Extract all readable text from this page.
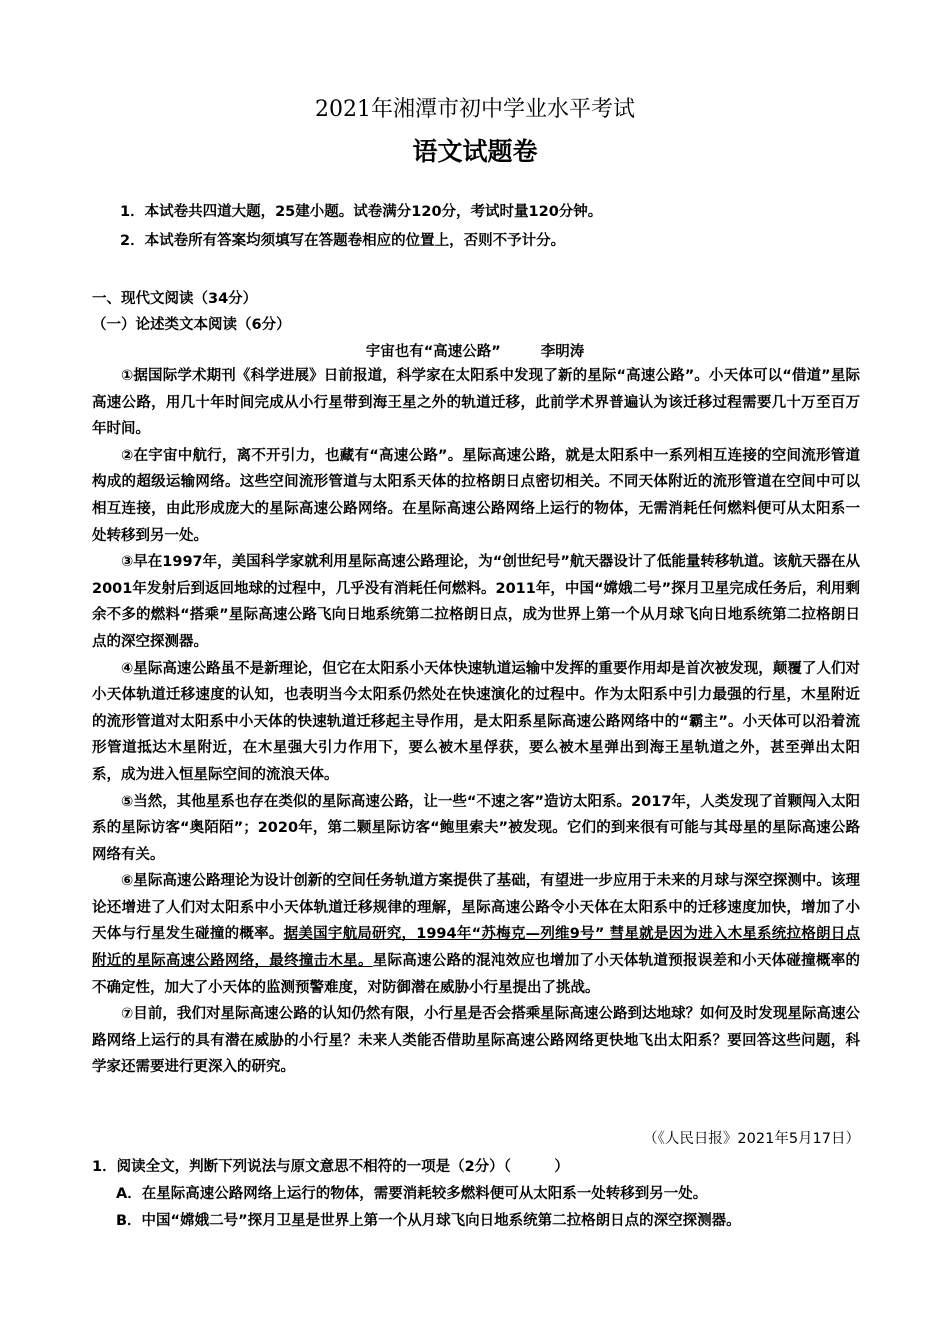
2021年湘潭市初中学业水平考试
语文试题卷
1．本试卷共四道大题，25建小题。试卷满分120分，考试时量120分钟。
2．本试卷所有答案均须填写在答题卷相应的位置上，否则不予计分。
一、现代文阅读（34分）
（一）论述类文本阅读（6分）
宇宙也有“高速公路”	李明涛

①据国际学术期刊《科学进展》日前报道，科学家在太阳系中发现了新的星际“高速公路”。小天体可以“借道”星际高速公路，用几十年时间完成从小行星带到海王星之外的轨道迁移，此前学术界普遍认为该迁移过程需要几十万至百万年时间。

②在宇宙中航行，离不开引力，也藏有“高速公路”。星际高速公路，就是太阳系中一系列相互连接的空间流形管道构成的超级运输网络。这些空间流形管道与太阳系天体的拉格朗日点密切相关。不同天体附近的流形管道在空间中可以相互连接，由此形成庞大的星际高速公路网络。在星际高速公路网络上运行的物体，无需消耗任何燃料便可从太阳系一处转移到另一处。

③早在1997年，美国科学家就利用星际高速公路理论，为“创世纪号”航天器设计了低能量转移轨道。该航天器在从2001年发射后到返回地球的过程中，几乎没有消耗任何燃料。2011年，中国“嫦娥二号”探月卫星完成任务后，利用剩余不多的燃料“搭乘”星际高速公路飞向日地系统第二拉格朗日点，成为世界上第一个从月球飞向日地系统第二拉格朗日点的深空探测器。

④星际高速公路虽不是新理论，但它在太阳系小天体快速轨道运输中发挥的重要作用却是首次被发现，颠覆了人们对小天体轨道迁移速度的认知，也表明当今太阳系仍然处在快速演化的过程中。作为太阳系中引力最强的行星，木星附近的流形管道对太阳系中小天体的快速轨道迁移起主导作用，是太阳系星际高速公路网络中的“霸主”。小天体可以沿着流形管道抵达木星附近，在木星强大引力作用下，要么被木星俘获，要么被木星弹出到海王星轨道之外，甚至弹出太阳系，成为进入恒星际空间的流浪天体。

⑤当然，其他星系也存在类似的星际高速公路，让一些“不速之客”造访太阳系。2017年，人类发现了首颗闯入太阳系的星际访客“奥陌陌”；2020年，第二颗星际访客“鲍里索夫”被发现。它们的到来很有可能与其母星的星际高速公路网络有关。

⑥星际高速公路理论为设计创新的空间任务轨道方案提供了基础，有望进一步应用于未来的月球与深空探测中。该理论还增进了人们对太阳系中小天体轨道迁移规律的理解，星际高速公路令小天体在太阳系中的迁移速度加快，增加了小天体与行星发生碰撞的概率。据美国宇航局研究，1994年“苏梅克—列维9号” 彗星就是因为进入木星系统拉格朗日点附近的星际高速公路网络，最终撞击木星。星际高速公路的混沌效应也增加了小天体轨道预报误差和小天体碰撞概率的不确定性，加大了小天体的监测预警难度，对防御潜在威胁小行星提出了挑战。

⑦目前，我们对星际高速公路的认知仍然有限，小行星是否会搭乘星际高速公路到达地球？如何及时发现星际高速公路网络上运行的具有潜在威胁的小行星？未来人类能否借助星际高速公路网络更快地飞出太阳系？要回答这些问题，科学家还需要进行更深入的研究。

（《人民日报》2021年5月17日）
1．阅读全文，判断下列说法与原文意思不相符的一项是（2分）（　　　）
A．在星际高速公路网络上运行的物体，需要消耗较多燃料便可从太阳系一处转移到另一处。
B．中国“嫦娥二号”探月卫星是世界上第一个从月球飞向日地系统第二拉格朗日点的深空探测器。
